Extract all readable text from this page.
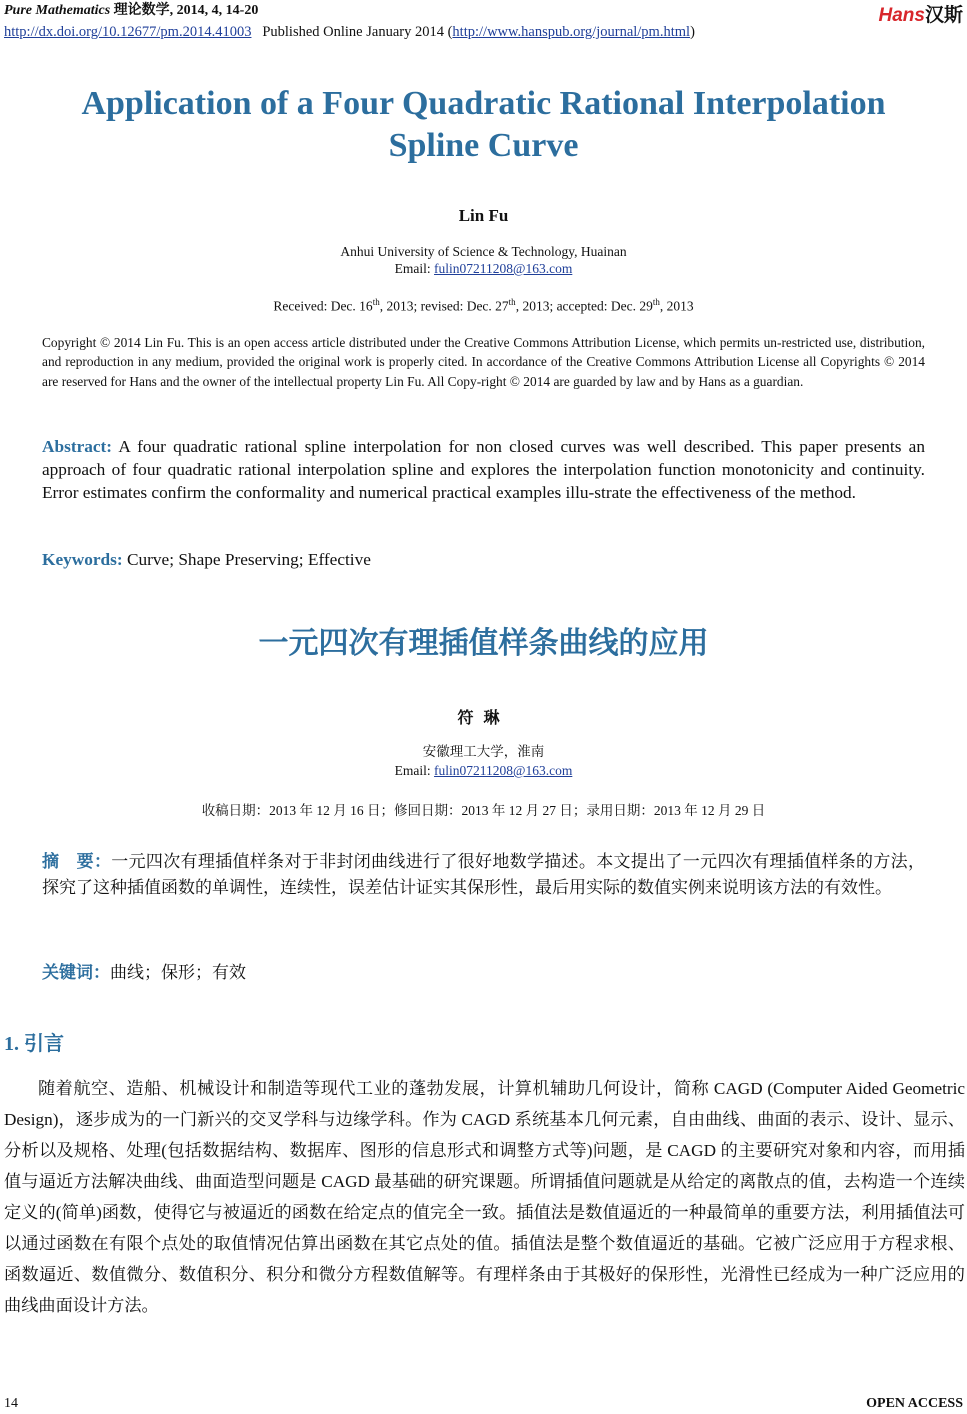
Pure Mathematics 理论数学, 2014, 4, 14-20
http://dx.doi.org/10.12677/pm.2014.41003 Published Online January 2014 (http://www.hanspub.org/journal/pm.html)
Hans汉斯
Application of a Four Quadratic Rational Interpolation
Spline Curve
Lin Fu
Anhui University of Science & Technology, Huainan
Email: fulin07211208@163.com
Received: Dec. 16th, 2013; revised: Dec. 27th, 2013; accepted: Dec. 29th, 2013
Copyright © 2014 Lin Fu. This is an open access article distributed under the Creative Commons Attribution License, which permits un-restricted use, distribution, and reproduction in any medium, provided the original work is properly cited. In accordance of the Creative Commons Attribution License all Copyrights © 2014 are reserved for Hans and the owner of the intellectual property Lin Fu. All Copy-right © 2014 are guarded by law and by Hans as a guardian.
Abstract: A four quadratic rational spline interpolation for non closed curves was well described. This paper presents an approach of four quadratic rational interpolation spline and explores the interpolation function monotonicity and continuity. Error estimates confirm the conformality and numerical practical examples illu-strate the effectiveness of the method.
Keywords: Curve; Shape Preserving; Effective
一元四次有理插值样条曲线的应用
符琳
安徽理工大学，淮南
Email: fulin07211208@163.com
收稿日期：2013 年 12 月 16 日；修回日期：2013 年 12 月 27 日；录用日期：2013 年 12 月 29 日
摘　要：一元四次有理插值样条对于非封闭曲线进行了很好地数学描述。本文提出了一元四次有理插值样条的方法，探究了这种插值函数的单调性，连续性，误差估计证实其保形性，最后用实际的数值实例来说明该方法的有效性。
关键词：曲线；保形；有效
1. 引言
随着航空、造船、机械设计和制造等现代工业的蓬勃发展，计算机辅助几何设计，简称 CAGD (Computer Aided Geometric Design)，逐步成为的一门新兴的交叉学科与边缘学科。作为 CAGD 系统基本几何元素，自由曲线、曲面的表示、设计、显示、分析以及规格、处理(包括数据结构、数据库、图形的信息形式和调整方式等)问题，是 CAGD 的主要研究对象和内容，而用插值与逼近方法解决曲线、曲面造型问题是 CAGD 最基础的研究课题。所谓插值问题就是从给定的离散点的值，去构造一个连续定义的(简单)函数，使得它与被逼近的函数在给定点的值完全一致。插值法是数值逼近的一种最简单的重要方法，利用插值法可以通过函数在有限个点处的取值情况估算出函数在其它点处的值。插值法是整个数值逼近的基础。它被广泛应用于方程求根、函数逼近、数值微分、数值积分、积分和微分方程数值解等。有理样条由于其极好的保形性，光滑性已经成为一种广泛应用的曲线曲面设计方法。
14	OPEN ACCESS
